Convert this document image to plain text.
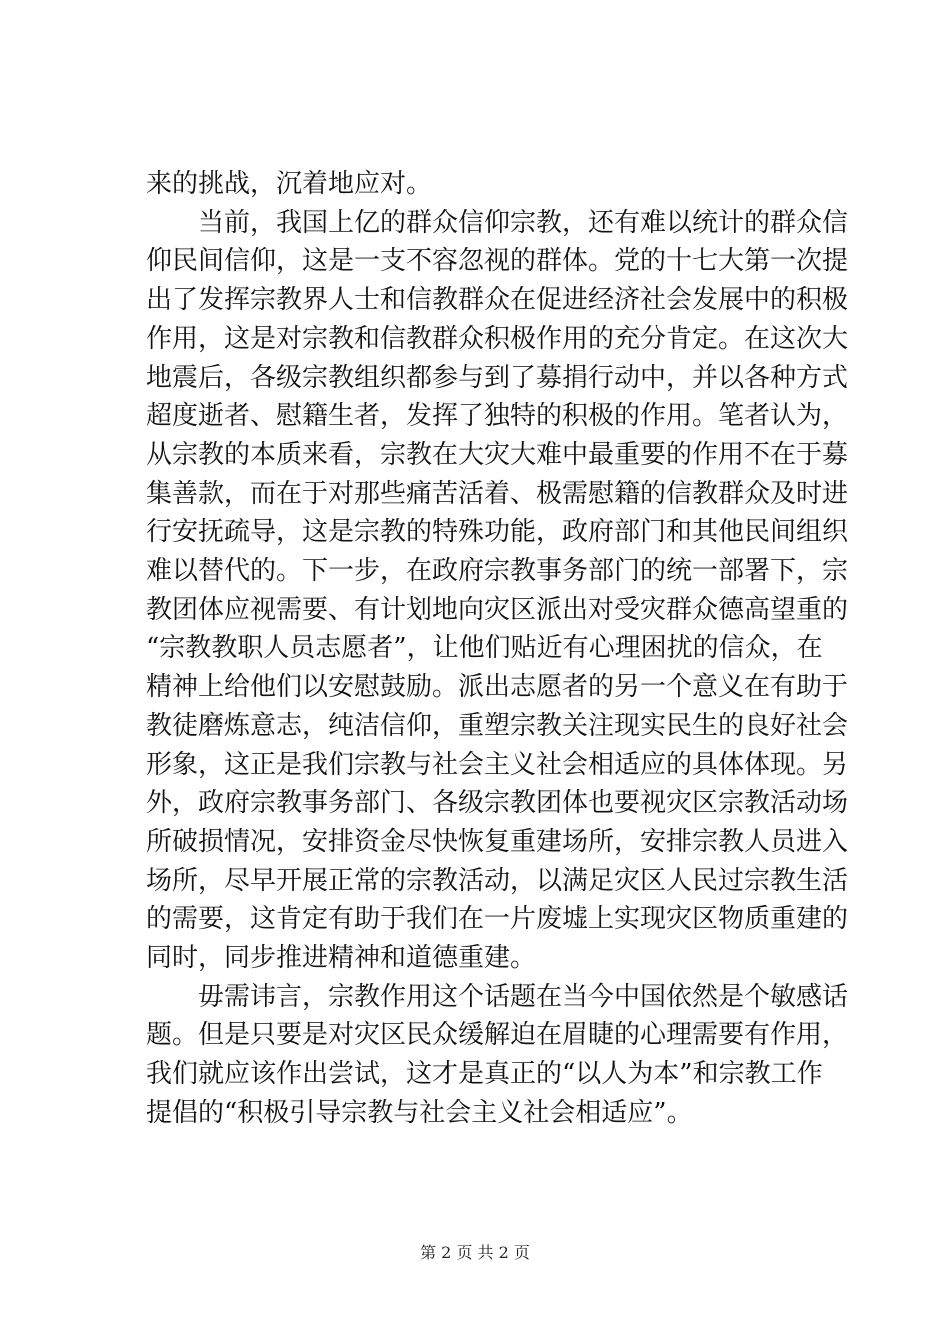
来的挑战，沉着地应对。
当前，我国上亿的群众信仰宗教，还有难以统计的群众信
仰民间信仰，这是一支不容忽视的群体。党的十七大第一次提
出了发挥宗教界人士和信教群众在促进经济社会发展中的积极
作用，这是对宗教和信教群众积极作用的充分肯定。在这次大
地震后，各级宗教组织都参与到了募捐行动中，并以各种方式
超度逝者、慰籍生者，发挥了独特的积极的作用。笔者认为，
从宗教的本质来看，宗教在大灾大难中最重要的作用不在于募
集善款，而在于对那些痛苦活着、极需慰籍的信教群众及时进
行安抚疏导，这是宗教的特殊功能，政府部门和其他民间组织
难以替代的。下一步，在政府宗教事务部门的统一部署下，宗
教团体应视需要、有计划地向灾区派出对受灾群众德高望重的
“宗教教职人员志愿者”，让他们贴近有心理困扰的信众，在
精神上给他们以安慰鼓励。派出志愿者的另一个意义在有助于
教徒磨炼意志，纯洁信仰，重塑宗教关注现实民生的良好社会
形象，这正是我们宗教与社会主义社会相适应的具体体现。另
外，政府宗教事务部门、各级宗教团体也要视灾区宗教活动场
所破损情况，安排资金尽快恢复重建场所，安排宗教人员进入
场所，尽早开展正常的宗教活动，以满足灾区人民过宗教生活
的需要，这肯定有助于我们在一片废墟上实现灾区物质重建的
同时，同步推进精神和道德重建。
毋需讳言，宗教作用这个话题在当今中国依然是个敏感话
题。但是只要是对灾区民众缓解迫在眉睫的心理需要有作用，
我们就应该作出尝试，这才是真正的“以人为本”和宗教工作
提倡的“积极引导宗教与社会主义社会相适应”。
第 2 页 共 2 页
